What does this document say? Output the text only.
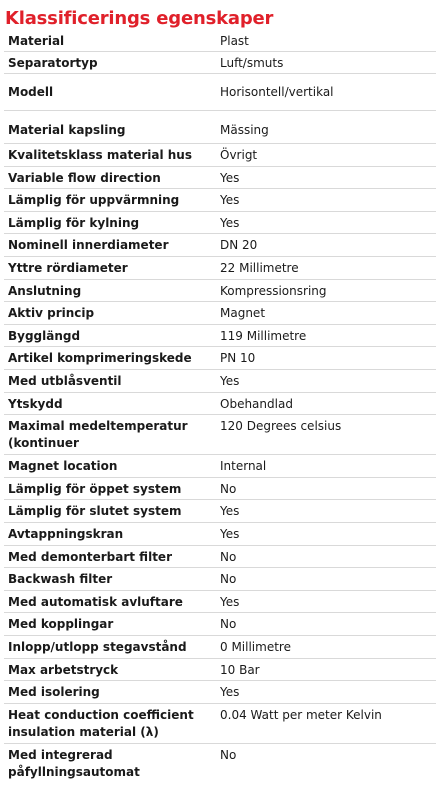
Klassificerings egenskaper
Material	Plast
Separatortyp	Luft/smuts
Modell	Horisontell/vertikal
Material kapsling	Mässing
Kvalitetsklass material hus	Övrigt
Variable flow direction	Yes
Lämplig för uppvärmning	Yes
Lämplig för kylning	Yes
Nominell innerdiameter	DN 20
Yttre rördiameter	22 Millimetre
Anslutning	Kompressionsring
Aktiv princip	Magnet
Bygglängd	119 Millimetre
Artikel komprimeringskede	PN 10
Med utblåsventil	Yes
Ytskydd	Obehandlad
Maximal medeltemperatur (kontinuer	120 Degrees celsius
Magnet location	Internal
Lämplig för öppet system	No
Lämplig för slutet system	Yes
Avtappningskran	Yes
Med demonterbart filter	No
Backwash filter	No
Med automatisk avluftare	Yes
Med kopplingar	No
Inlopp/utlopp stegavstånd	0 Millimetre
Max arbetstryck	10 Bar
Med isolering	Yes
Heat conduction coefficient insulation material (λ)	0.04 Watt per meter Kelvin
Med integrerad påfyllningsautomat	No
